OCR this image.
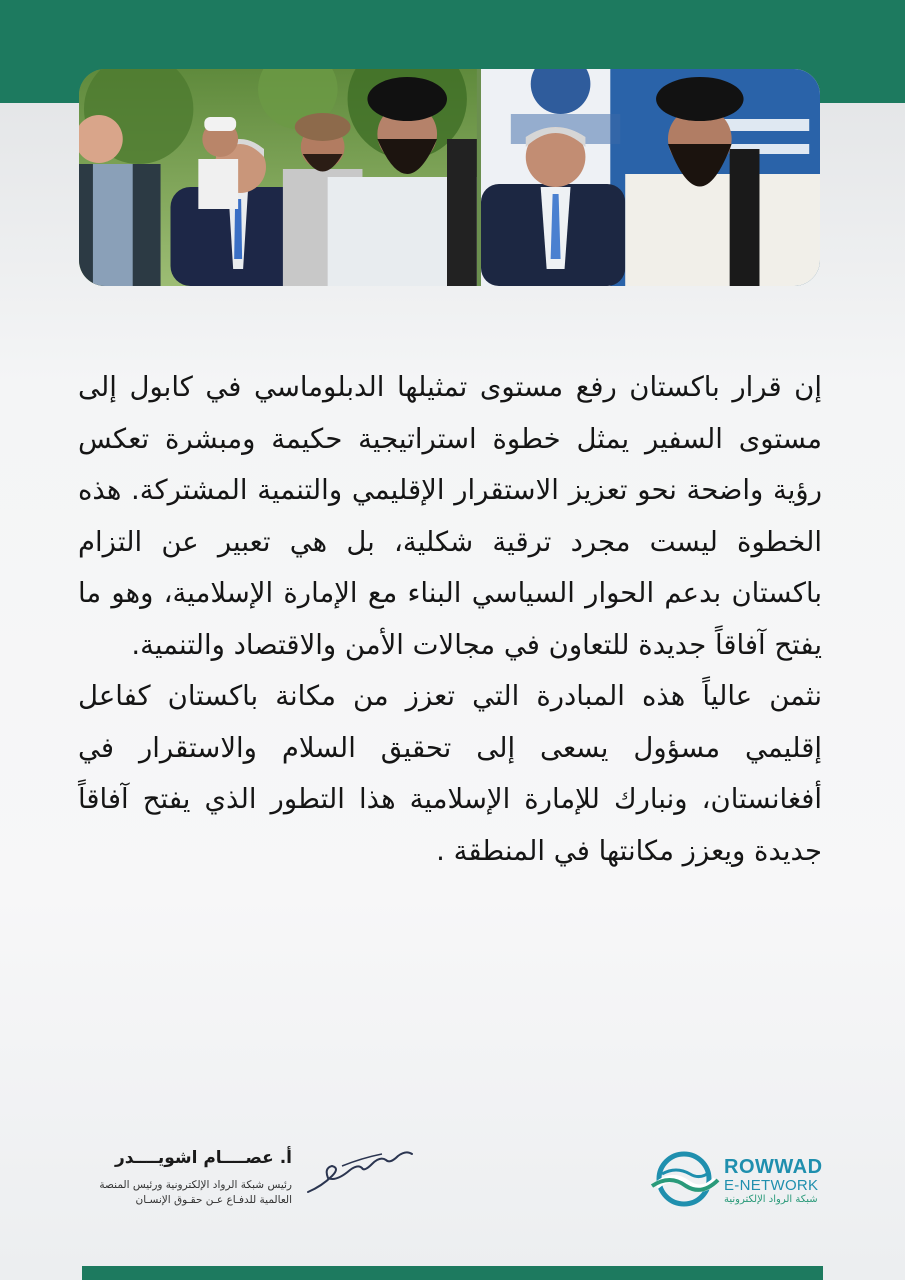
إن قرار باكستان رفع مستوى تمثيلها الدبلوماسي في كابول إلى مستوى السفير يمثل خطوة استراتيجية حكيمة ومبشرة تعكس رؤية واضحة نحو تعزيز الاستقرار الإقليمي والتنمية المشتركة. هذه الخطوة ليست مجرد ترقية شكلية، بل هي تعبير عن التزام باكستان بدعم الحوار السياسي البناء مع الإمارة الإسلامية، وهو ما يفتح آفاقاً جديدة للتعاون في مجالات الأمن والاقتصاد والتنمية.

نثمن عالياً هذه المبادرة التي تعزز من مكانة باكستان كفاعل إقليمي مسؤول يسعى إلى تحقيق السلام والاستقرار في أفغانستان، ونبارك للإمارة الإسلامية هذا التطور الذي يفتح آفاقاً جديدة ويعزز مكانتها في المنطقة .

أ. عصــــام اشويــــدر
رئيس شبكة الرواد الإلكترونية ورئيس المنصة
العالمية للدفـاع عـن حقـوق الإنسـان
ROWWAD
E-NETWORK
شبكة الرواد الإلكترونية
